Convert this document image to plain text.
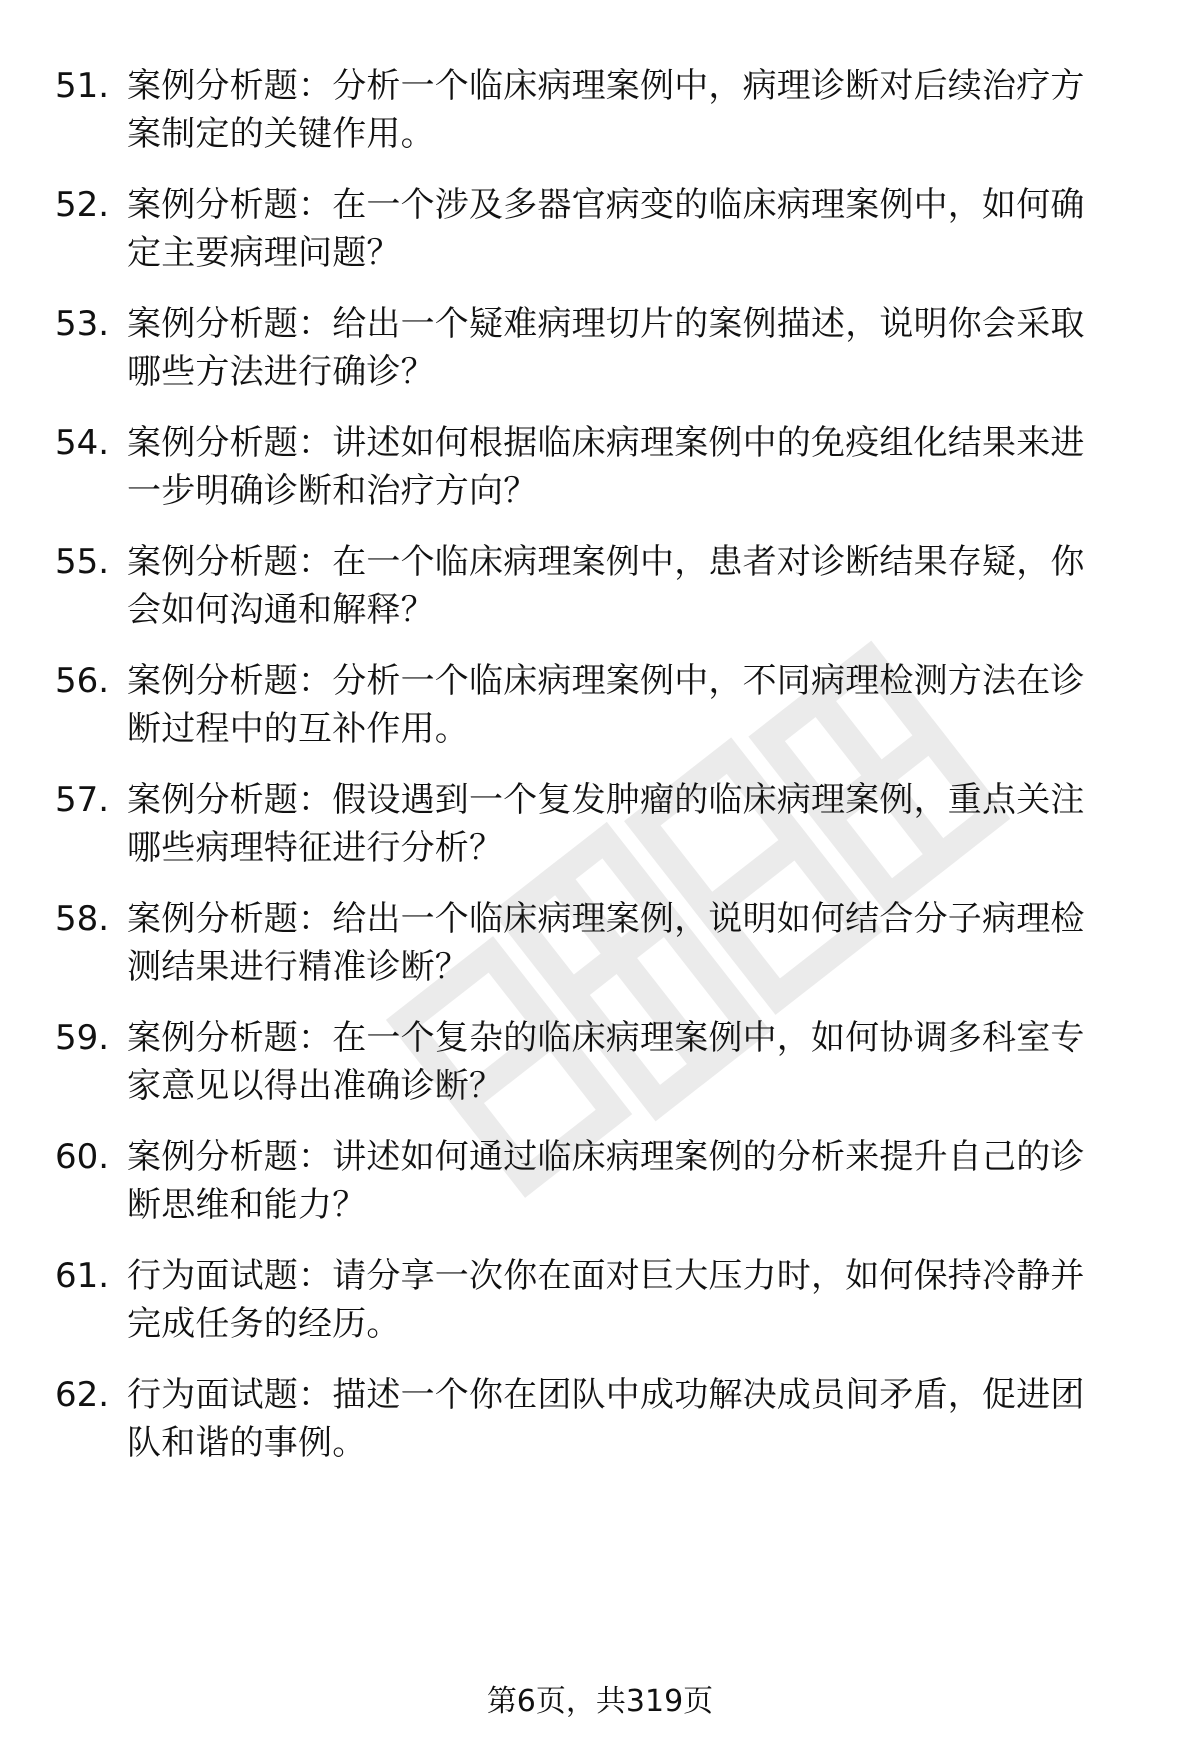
51. 案例分析题：分析一个临床病理案例中，病理诊断对后续治疗方
案制定的关键作用。
52. 案例分析题：在一个涉及多器官病变的临床病理案例中，如何确
定主要病理问题？
53. 案例分析题：给出一个疑难病理切片的案例描述，说明你会采取
哪些方法进行确诊？
54. 案例分析题：讲述如何根据临床病理案例中的免疫组化结果来进
一步明确诊断和治疗方向？
55. 案例分析题：在一个临床病理案例中，患者对诊断结果存疑，你
会如何沟通和解释？
56. 案例分析题：分析一个临床病理案例中，不同病理检测方法在诊
断过程中的互补作用。
57. 案例分析题：假设遇到一个复发肿瘤的临床病理案例，重点关注
哪些病理特征进行分析？
58. 案例分析题：给出一个临床病理案例，说明如何结合分子病理检
测结果进行精准诊断？
59. 案例分析题：在一个复杂的临床病理案例中，如何协调多科室专
家意见以得出准确诊断？
60. 案例分析题：讲述如何通过临床病理案例的分析来提升自己的诊
断思维和能力？
61. 行为面试题：请分享一次你在面对巨大压力时，如何保持冷静并
完成任务的经历。
62. 行为面试题：描述一个你在团队中成功解决成员间矛盾，促进团
队和谐的事例。
第6页，共319页
